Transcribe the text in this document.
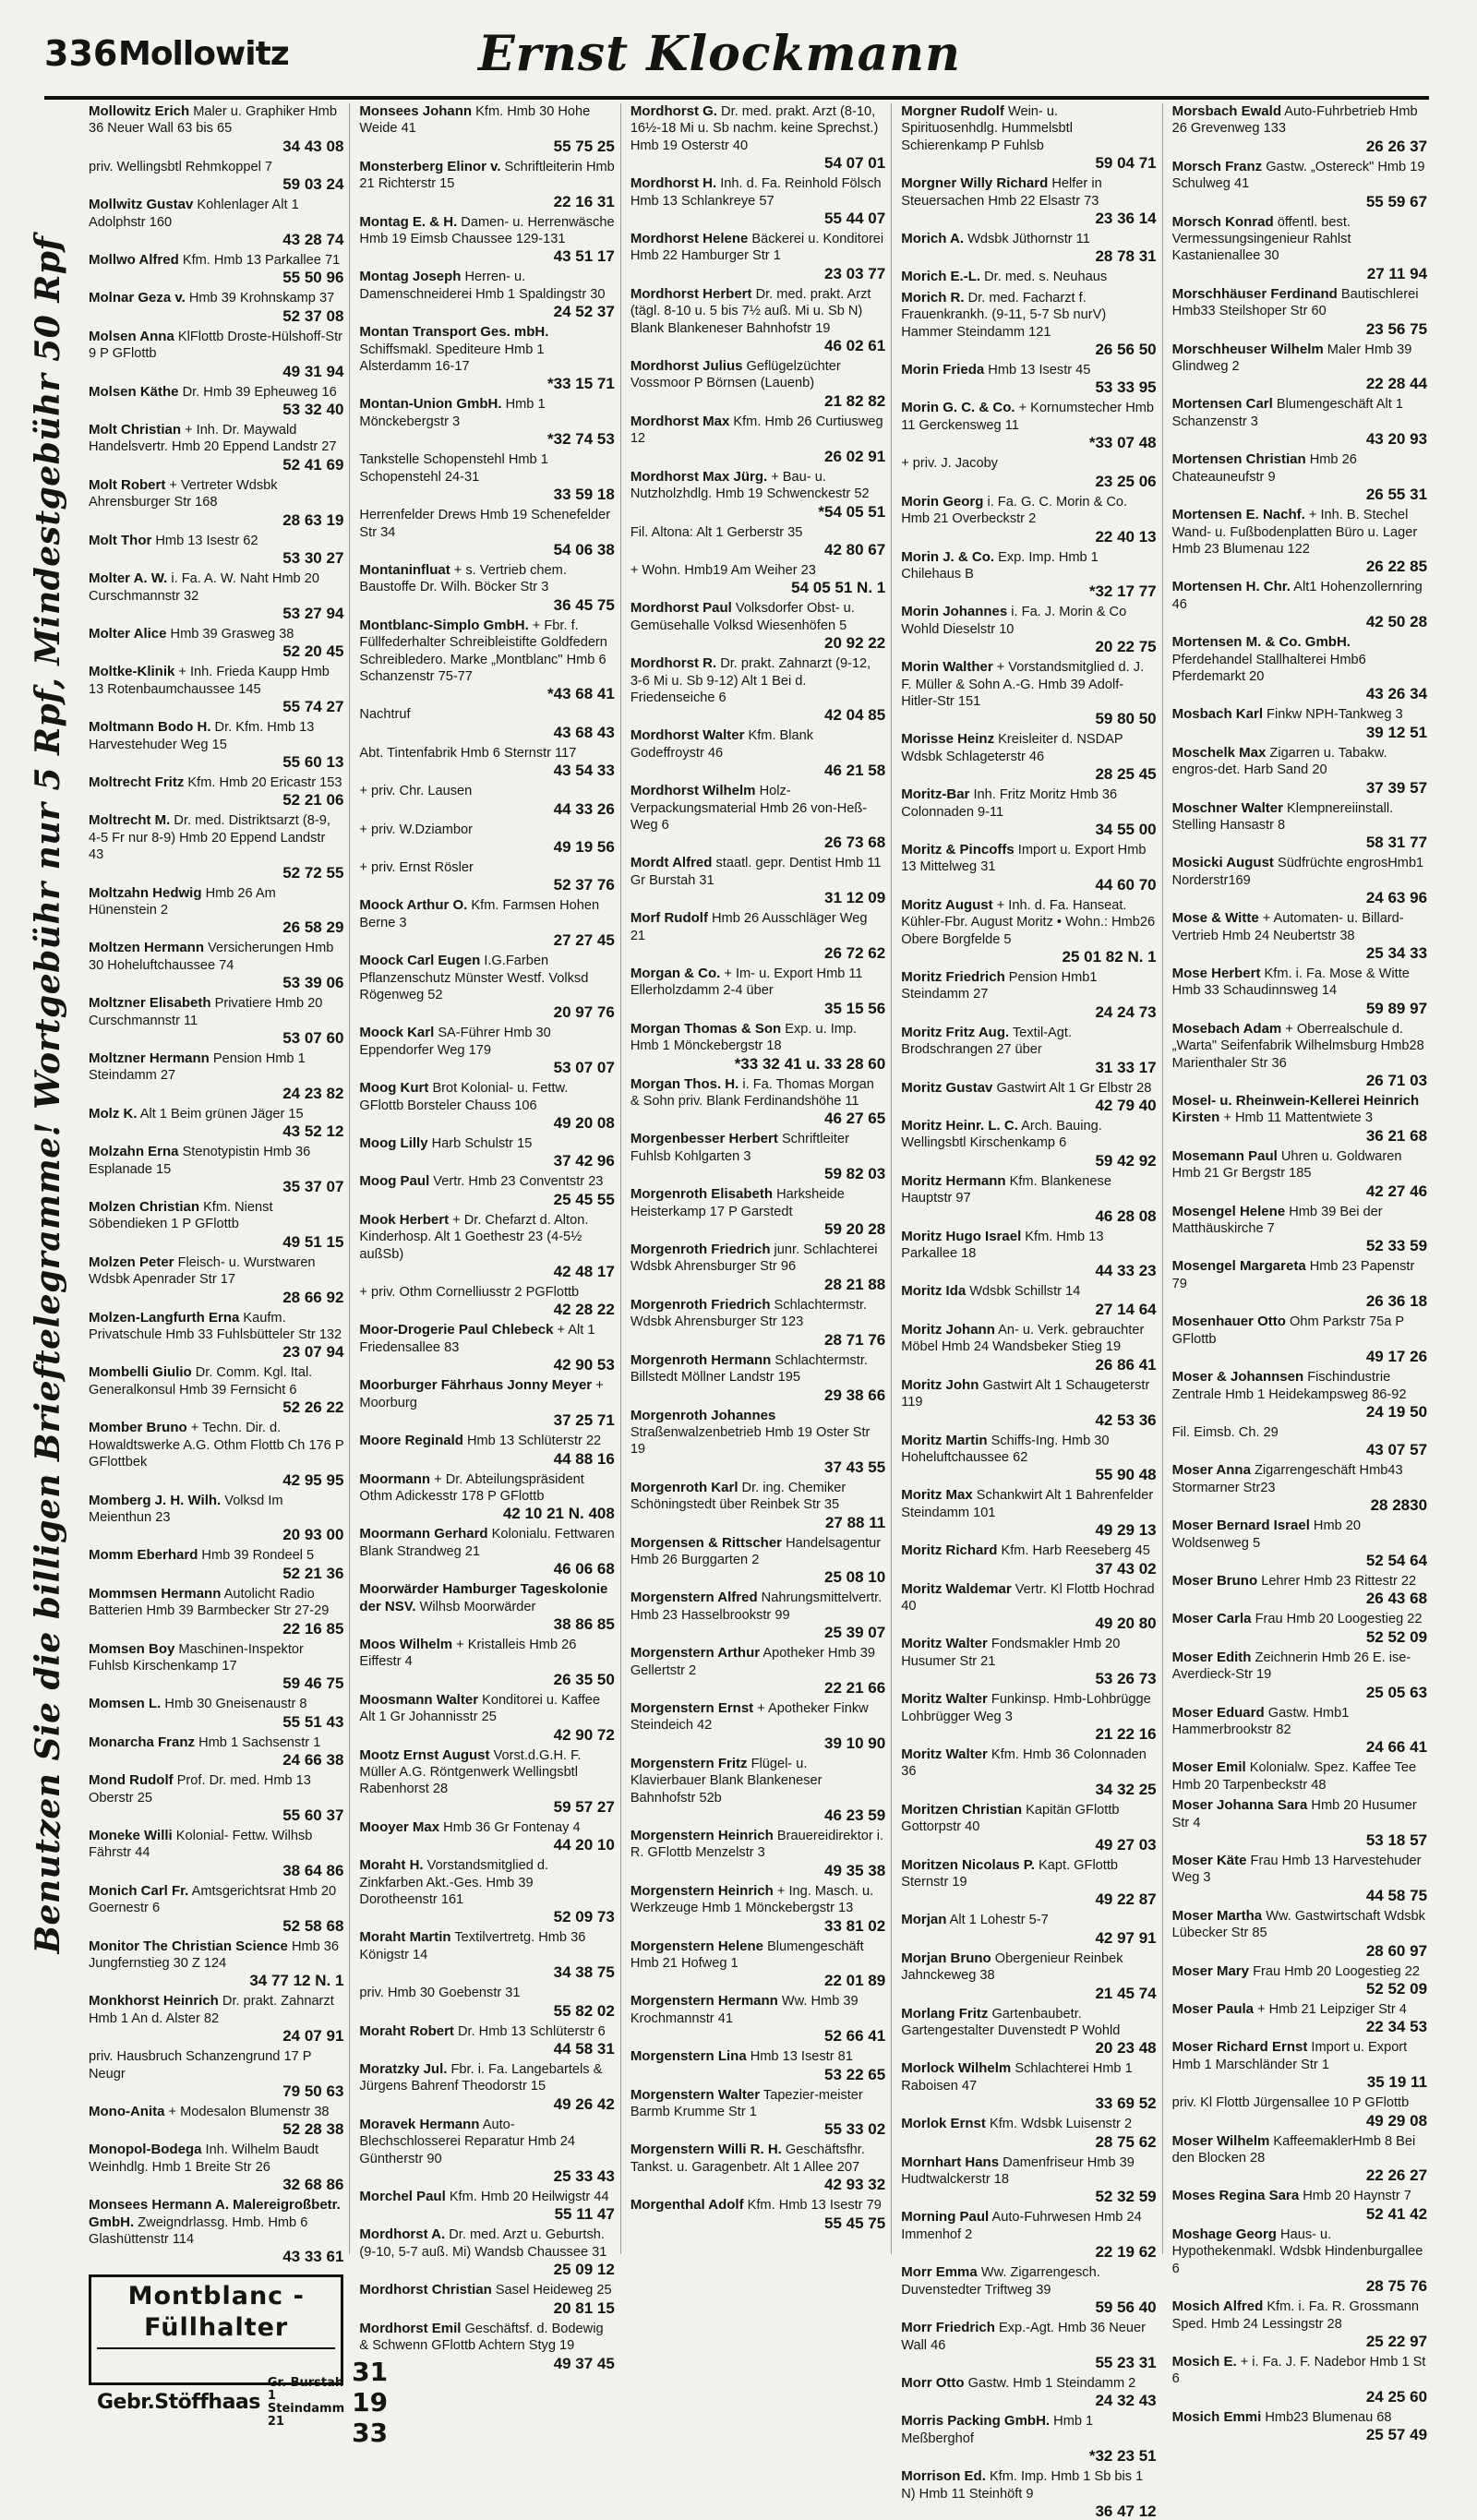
336 Mollowitz	Ernst Klockmann
Benutzen Sie die billigen Brieftelegramme! Wortgebühr nur 5 Rpf, Mindestgebühr 50 Rpf
Mollowitz Erich Maler u. Graphiker Hmb 36 Neuer Wall 63 bis 65
34 43 08
priv. Wellingsbtl Rehmkoppel 7
59 03 24
Mollwitz Gustav Kohlenlager Alt 1 Adolphstr 160
43 28 74
Mollwo Alfred Kfm. Hmb 13 Parkallee 71
55 50 96
Molnar Geza v. Hmb 39 Krohnskamp 37
52 37 08
Molsen Anna KlFlottb Droste-Hülshoff-Str 9 P GFlottb
49 31 94
Molsen Käthe Dr. Hmb 39 Epheuweg 16
53 32 40
Molt Christian + Inh. Dr. Maywald Handelsvertr. Hmb 20 Eppend Landstr 27
52 41 69
Molt Robert + Vertreter Wdsbk Ahrensburger Str 168
28 63 19
Molt Thor Hmb 13 Isestr 62
53 30 27
Molter A. W. i. Fa. A. W. Naht Hmb 20 Curschmannstr 32
53 27 94
Molter Alice Hmb 39 Grasweg 38
52 20 45
Moltke-Klinik + Inh. Frieda Kaupp Hmb 13 Rotenbaumchaussee 145
55 74 27
Moltmann Bodo H. Dr. Kfm. Hmb 13 Harvestehuder Weg 15
55 60 13
Moltrecht Fritz Kfm. Hmb 20 Ericastr 153
52 21 06
Moltrecht M. Dr. med. Distriktsarzt (8-9, 4-5 Fr nur 8-9) Hmb 20 Eppend Landstr 43
52 72 55
Moltzahn Hedwig Hmb 26 Am Hünenstein 2
26 58 29
Moltzen Hermann Versicherungen Hmb 30 Hoheluftchaussee 74
53 39 06
Moltzner Elisabeth Privatiere Hmb 20 Curschmannstr 11
53 07 60
Moltzner Hermann Pension Hmb 1 Steindamm 27
24 23 82
Molz K. Alt 1 Beim grünen Jäger 15
43 52 12
Molzahn Erna Stenotypistin Hmb 36 Esplanade 15
35 37 07
Molzen Christian Kfm. Nienst Söbendieken 1 P GFlottb
49 51 15
Molzen Peter Fleisch- u. Wurstwaren Wdsbk Apenrader Str 17
28 66 92
Molzen-Langfurth Erna Kaufm. Privatschule Hmb 33 Fuhlsbütteler Str 132
23 07 94
Mombelli Giulio Dr. Comm. Kgl. Ital. Generalkonsul Hmb 39 Fernsicht 6
52 26 22
Momber Bruno + Techn. Dir. d. Howaldtswerke A.G. Othm Flottb Ch 176 P GFlottbek
42 95 95
Momberg J. H. Wilh. Volksd Im Meienthun 23
20 93 00
Momm Eberhard Hmb 39 Rondeel 5
52 21 36
Mommsen Hermann Autolicht Radio Batterien Hmb 39 Barmbecker Str 27-29
22 16 85
Momsen Boy Maschinen-Inspektor Fuhlsb Kirschenkamp 17
59 46 75
Momsen L. Hmb 30 Gneisenaustr 8
55 51 43
Monarcha Franz Hmb 1 Sachsenstr 1
24 66 38
Mond Rudolf Prof. Dr. med. Hmb 13 Oberstr 25
55 60 37
Moneke Willi Kolonial- Fettw. Wilhsb Fährstr 44
38 64 86
Monich Carl Fr. Amtsgerichtsrat Hmb 20 Goernestr 6
52 58 68
Monitor The Christian Science Hmb 36 Jungfernstieg 30 Z 124
34 77 12 N. 1
Monkhorst Heinrich Dr. prakt. Zahnarzt Hmb 1 An d. Alster 82
24 07 91
priv. Hausbruch Schanzengrund 17 P Neugr
79 50 63
Mono-Anita + Modesalon Blumenstr 38
52 28 38
Monopol-Bodega Inh. Wilhelm Baudt Weinhdlg. Hmb 1 Breite Str 26
32 68 86
Monsees Hermann A. Malereigroßbetr. GmbH. Zweigndrlassg. Hmb. Hmb 6 Glashüttenstr 114
43 33 61
Montblanc - Füllhalter
Gebr.Stöffhaas
Gr. Burstah 1
Steindamm 21
31 19 33
Monsees Johann Kfm. Hmb 30 Hohe Weide 41
55 75 25
Monsterberg Elinor v. Schriftleiterin Hmb 21 Richterstr 15
22 16 31
Montag E. & H. Damen- u. Herrenwäsche Hmb 19 Eimsb Chaussee 129-131
43 51 17
Montag Joseph Herren- u. Damenschneiderei Hmb 1 Spaldingstr 30
24 52 37
Montan Transport Ges. mbH. Schiffsmakl. Spediteure Hmb 1 Alsterdamm 16-17
*33 15 71
Montan-Union GmbH. Hmb 1 Mönckebergstr 3
*32 74 53
Tankstelle Schopenstehl Hmb 1 Schopenstehl 24-31
33 59 18
Herrenfelder Drews Hmb 19 Schenefelder Str 34
54 06 38
Montaninfluat + s. Vertrieb chem. Baustoffe Dr. Wilh. Böcker Str 3
36 45 75
Montblanc-Simplo GmbH. + Fbr. f. Füllfederhalter Schreibleistifte Goldfedern Schreibledero. Marke „Montblanc" Hmb 6 Schanzenstr 75-77
*43 68 41
Nachtruf
43 68 43
Abt. Tintenfabrik Hmb 6 Sternstr 117
43 54 33
+ priv. Chr. Lausen
44 33 26
+ priv. W.Dziambor
49 19 56
+ priv. Ernst Rösler
52 37 76
Moock Arthur O. Kfm. Farmsen Hohen Berne 3
27 27 45
Moock Carl Eugen I.G.Farben Pflanzenschutz Münster Westf. Volksd Rögenweg 52
20 97 76
Moock Karl SA-Führer Hmb 30 Eppendorfer Weg 179
53 07 07
Moog Kurt Brot Kolonial- u. Fettw. GFlottb Borsteler Chauss 106
49 20 08
Moog Lilly Harb Schulstr 15
37 42 96
Moog Paul Vertr. Hmb 23 Conventstr 23
25 45 55
Mook Herbert + Dr. Chefarzt d. Alton. Kinderhosp. Alt 1 Goethestr 23 (4-5½ außSb)
42 48 17
+ priv. Othm Cornelliusstr 2 PGFlottb
42 28 22
Moor-Drogerie Paul Chlebeck + Alt 1 Friedensallee 83
42 90 53
Moorburger Fährhaus Jonny Meyer + Moorburg
37 25 71
Moore Reginald Hmb 13 Schlüterstr 22
44 88 16
Moormann + Dr. Abteilungspräsident Othm Adickesstr 178 P GFlottb
42 10 21 N. 408
Moormann Gerhard Kolonialu. Fettwaren Blank Strandweg 21
46 06 68
Moorwärder Hamburger Tageskolonie der NSV. Wilhsb Moorwärder
38 86 85
Moos Wilhelm + Kristalleis Hmb 26 Eiffestr 4
26 35 50
Moosmann Walter Konditorei u. Kaffee Alt 1 Gr Johannisstr 25
42 90 72
Mootz Ernst August Vorst.d.G.H. F. Müller A.G. Röntgenwerk Wellingsbtl Rabenhorst 28
59 57 27
Mooyer Max Hmb 36 Gr Fontenay 4
44 20 10
Moraht H. Vorstandsmitglied d. Zinkfarben Akt.-Ges. Hmb 39 Dorotheenstr 161
52 09 73
Moraht Martin Textilvertretg. Hmb 36 Königstr 14
34 38 75
priv. Hmb 30 Goebenstr 31
55 82 02
Moraht Robert Dr. Hmb 13 Schlüterstr 6
44 58 31
Moratzky Jul. Fbr. i. Fa. Langebartels & Jürgens Bahrenf Theodorstr 15
49 26 42
Moravek Hermann Auto-Blechschlosserei Reparatur Hmb 24 Güntherstr 90
25 33 43
Morchel Paul Kfm. Hmb 20 Heilwigstr 44
55 11 47
Mordhorst A. Dr. med. Arzt u. Geburtsh. (9-10, 5-7 auß. Mi) Wandsb Chaussee 31
25 09 12
Mordhorst Christian Sasel Heideweg 25
20 81 15
Mordhorst Emil Geschäftsf. d. Bodewig & Schwenn GFlottb Achtern Styg 19
49 37 45
Mordhorst G. Dr. med. prakt. Arzt (8-10, 16½-18 Mi u. Sb nachm. keine Sprechst.) Hmb 19 Osterstr 40
54 07 01
Mordhorst H. Inh. d. Fa. Reinhold Fölsch Hmb 13 Schlankreye 57
55 44 07
Mordhorst Helene Bäckerei u. Konditorei Hmb 22 Hamburger Str 1
23 03 77
Mordhorst Herbert Dr. med. prakt. Arzt (tägl. 8-10 u. 5 bis 7½ auß. Mi u. Sb N) Blank Blankeneser Bahnhofstr 19
46 02 61
Mordhorst Julius Geflügelzüchter Vossmoor P Börnsen (Lauenb)
21 82 82
Mordhorst Max Kfm. Hmb 26 Curtiusweg 12
26 02 91
Mordhorst Max Jürg. + Bau- u. Nutzholzhdlg. Hmb 19 Schwenckestr 52
*54 05 51
Fil. Altona: Alt 1 Gerberstr 35
42 80 67
+ Wohn. Hmb19 Am Weiher 23
54 05 51 N. 1
Mordhorst Paul Volksdorfer Obst- u. Gemüsehalle Volksd Wiesenhöfen 5
20 92 22
Mordhorst R. Dr. prakt. Zahnarzt (9-12, 3-6 Mi u. Sb 9-12) Alt 1 Bei d. Friedenseiche 6
42 04 85
Mordhorst Walter Kfm. Blank Godeffroystr 46
46 21 58
Mordhorst Wilhelm Holz-Verpackungsmaterial Hmb 26 von-Heß-Weg 6
26 73 68
Mordt Alfred staatl. gepr. Dentist Hmb 11 Gr Burstah 31
31 12 09
Morf Rudolf Hmb 26 Ausschläger Weg 21
26 72 62
Morgan & Co. + Im- u. Export Hmb 11 Ellerholzdamm 2-4 über
35 15 56
Morgan Thomas & Son Exp. u. Imp. Hmb 1 Mönckebergstr 18
*33 32 41 u. 33 28 60
Morgan Thos. H. i. Fa. Thomas Morgan & Sohn priv. Blank Ferdinandshöhe 11
46 27 65
Morgenbesser Herbert Schriftleiter Fuhlsb Kohlgarten 3
59 82 03
Morgenroth Elisabeth Harksheide Heisterkamp 17 P Garstedt
59 20 28
Morgenroth Friedrich junr. Schlachterei Wdsbk Ahrensburger Str 96
28 21 88
Morgenroth Friedrich Schlachtermstr. Wdsbk Ahrensburger Str 123
28 71 76
Morgenroth Hermann Schlachtermstr. Billstedt Möllner Landstr 195
29 38 66
Morgenroth Johannes Straßenwalzenbetrieb Hmb 19 Oster Str 19
37 43 55
Morgenroth Karl Dr. ing. Chemiker Schöningstedt über Reinbek Str 35
27 88 11
Morgensen & Rittscher Handelsagentur Hmb 26 Burggarten 2
25 08 10
Morgenstern Alfred Nahrungsmittelvertr. Hmb 23 Hasselbrookstr 99
25 39 07
Morgenstern Arthur Apotheker Hmb 39 Gellertstr 2
22 21 66
Morgenstern Ernst + Apotheker Finkw Steindeich 42
39 10 90
Morgenstern Fritz Flügel- u. Klavierbauer Blank Blankeneser Bahnhofstr 52b
46 23 59
Morgenstern Heinrich Brauereidirektor i. R. GFlottb Menzelstr 3
49 35 38
Morgenstern Heinrich + Ing. Masch. u. Werkzeuge Hmb 1 Mönckebergstr 13
33 81 02
Morgenstern Helene Blumengeschäft Hmb 21 Hofweg 1
22 01 89
Morgenstern Hermann Ww. Hmb 39 Krochmannstr 41
52 66 41
Morgenstern Lina Hmb 13 Isestr 81
53 22 65
Morgenstern Walter Tapezier-meister Barmb Krumme Str 1
55 33 02
Morgenstern Willi R. H. Geschäftsfhr. Tankst. u. Garagenbetr. Alt 1 Allee 207
42 93 32
Morgenthal Adolf Kfm. Hmb 13 Isestr 79
55 45 75
Morgner Rudolf Wein- u. Spirituosenhdlg. Hummelsbtl Schierenkamp P Fuhlsb
59 04 71
Morgner Willy Richard Helfer in Steuersachen Hmb 22 Elsastr 73
23 36 14
Morich A. Wdsbk Jüthornstr 11
28 78 31
Morich E.-L. Dr. med. s. Neuhaus
Morich R. Dr. med. Facharzt f. Frauenkrankh. (9-11, 5-7 Sb nurV) Hammer Steindamm 121
26 56 50
Morin Frieda Hmb 13 Isestr 45
53 33 95
Morin G. C. & Co. + Kornumstecher Hmb 11 Gerckensweg 11
*33 07 48
+ priv. J. Jacoby
23 25 06
Morin Georg i. Fa. G. C. Morin & Co. Hmb 21 Overbeckstr 2
22 40 13
Morin J. & Co. Exp. Imp. Hmb 1 Chilehaus B
*32 17 77
Morin Johannes i. Fa. J. Morin & Co Wohld Dieselstr 10
20 22 75
Morin Walther + Vorstandsmitglied d. J. F. Müller & Sohn A.-G. Hmb 39 Adolf-Hitler-Str 151
59 80 50
Morisse Heinz Kreisleiter d. NSDAP Wdsbk Schlageterstr 46
28 25 45
Moritz-Bar Inh. Fritz Moritz Hmb 36 Colonnaden 9-11
34 55 00
Moritz & Pincoffs Import u. Export Hmb 13 Mittelweg 31
44 60 70
Moritz August + Inh. d. Fa. Hanseat. Kühler-Fbr. August Moritz • Wohn.: Hmb26 Obere Borgfelde 5
25 01 82 N. 1
Moritz Friedrich Pension Hmb1 Steindamm 27
24 24 73
Moritz Fritz Aug. Textil-Agt. Brodschrangen 27 über
31 33 17
Moritz Gustav Gastwirt Alt 1 Gr Elbstr 28
42 79 40
Moritz Heinr. L. C. Arch. Bauing. Wellingsbtl Kirschenkamp 6
59 42 92
Moritz Hermann Kfm. Blankenese Hauptstr 97
46 28 08
Moritz Hugo Israel Kfm. Hmb 13 Parkallee 18
44 33 23
Moritz Ida Wdsbk Schillstr 14
27 14 64
Moritz Johann An- u. Verk. gebrauchter Möbel Hmb 24 Wandsbeker Stieg 19
26 86 41
Moritz John Gastwirt Alt 1 Schaugeterstr 119
42 53 36
Moritz Martin Schiffs-Ing. Hmb 30 Hoheluftchaussee 62
55 90 48
Moritz Max Schankwirt Alt 1 Bahrenfelder Steindamm 101
49 29 13
Moritz Richard Kfm. Harb Reeseberg 45
37 43 02
Moritz Waldemar Vertr. Kl Flottb Hochrad 40
49 20 80
Moritz Walter Fondsmakler Hmb 20 Husumer Str 21
53 26 73
Moritz Walter Funkinsp. Hmb-Lohbrügge Lohbrügger Weg 3
21 22 16
Moritz Walter Kfm. Hmb 36 Colonnaden 36
34 32 25
Moritzen Christian Kapitän GFlottb Gottorpstr 40
49 27 03
Moritzen Nicolaus P. Kapt. GFlottb Sternstr 19
49 22 87
Morjan Alt 1 Lohestr 5-7
42 97 91
Morjan Bruno Obergenieur Reinbek Jahnckeweg 38
21 45 74
Morlang Fritz Gartenbaubetr. Gartengestalter Duvenstedt P Wohld
20 23 48
Morlock Wilhelm Schlachterei Hmb 1 Raboisen 47
33 69 52
Morlok Ernst Kfm. Wdsbk Luisenstr 2
28 75 62
Mornhart Hans Damenfriseur Hmb 39 Hudtwalckerstr 18
52 32 59
Morning Paul Auto-Fuhrwesen Hmb 24 Immenhof 2
22 19 62
Morr Emma Ww. Zigarrengesch. Duvenstedter Triftweg 39
59 56 40
Morr Friedrich Exp.-Agt. Hmb 36 Neuer Wall 46
55 23 31
Morr Otto Gastw. Hmb 1 Steindamm 2
24 32 43
Morris Packing GmbH. Hmb 1 Meßberghof
*32 23 51
Morrison Ed. Kfm. Imp. Hmb 1 Sb bis 1 N) Hmb 11 Steinhöft 9
36 47 12
Morsbach Ewald Auto-Fuhrbetrieb Hmb 26 Grevenweg 133
26 26 37
Morsch Franz Gastw. „Ostereck" Hmb 19 Schulweg 41
55 59 67
Morsch Konrad öffentl. best. Vermessungsingenieur Rahlst Kastanienallee 30
27 11 94
Morschhäuser Ferdinand Bautischlerei Hmb33 Steilshoper Str 60
23 56 75
Morschheuser Wilhelm Maler Hmb 39 Glindweg 2
22 28 44
Mortensen Carl Blumengeschäft Alt 1 Schanzenstr 3
43 20 93
Mortensen Christian Hmb 26 Chateauneufstr 9
26 55 31
Mortensen E. Nachf. + Inh. B. Stechel Wand- u. Fußbodenplatten Büro u. Lager Hmb 23 Blumenau 122
26 22 85
Mortensen H. Chr. Alt1 Hohenzollernring 46
42 50 28
Mortensen M. & Co. GmbH. Pferdehandel Stallhalterei Hmb6 Pferdemarkt 20
43 26 34
Mosbach Karl Finkw NPH-Tankweg 3
39 12 51
Moschelk Max Zigarren u. Tabakw. engros-det. Harb Sand 20
37 39 57
Moschner Walter Klempnereiinstall. Stelling Hansastr 8
58 31 77
Mosicki August Südfrüchte engrosHmb1 Norderstr169
24 63 96
Mose & Witte + Automaten- u. Billard-Vertrieb Hmb 24 Neubertstr 38
25 34 33
Mose Herbert Kfm. i. Fa. Mose & Witte Hmb 33 Schaudinnsweg 14
59 89 97
Mosebach Adam + Oberrealschule d. „Warta" Seifenfabrik Wilhelmsburg Hmb28 Marienthaler Str 36
26 71 03
Mosel- u. Rheinwein-Kellerei Heinrich Kirsten + Hmb 11 Mattentwiete 3
36 21 68
Mosemann Paul Uhren u. Goldwaren Hmb 21 Gr Bergstr 185
42 27 46
Mosengel Helene Hmb 39 Bei der Matthäuskirche 7
52 33 59
Mosengel Margareta Hmb 23 Papenstr 79
26 36 18
Mosenhauer Otto Ohm Parkstr 75a P GFlottb
49 17 26
Moser & Johannsen Fischindustrie Zentrale Hmb 1 Heidekampsweg 86-92
24 19 50
Fil. Eimsb. Ch. 29
43 07 57
Moser Anna Zigarrengeschäft Hmb43 Stormarner Str23
28 2830
Moser Bernard Israel Hmb 20 Woldsenweg 5
52 54 64
Moser Bruno Lehrer Hmb 23 Rittestr 22
26 43 68
Moser Carla Frau Hmb 20 Loogestieg 22
52 52 09
Moser Edith Zeichnerin Hmb 26 E. ise-Averdieck-Str 19
25 05 63
Moser Eduard Gastw. Hmb1 Hammerbrookstr 82
24 66 41
Moser Emil Kolonialw. Spez. Kaffee Tee Hmb 20 Tarpenbeckstr 48
Moser Johanna Sara Hmb 20 Husumer Str 4
53 18 57
Moser Käte Frau Hmb 13 Harvestehuder Weg 3
44 58 75
Moser Martha Ww. Gastwirtschaft Wdsbk Lübecker Str 85
28 60 97
Moser Mary Frau Hmb 20 Loogestieg 22
52 52 09
Moser Paula + Hmb 21 Leipziger Str 4
22 34 53
Moser Richard Ernst Import u. Export Hmb 1 Marschländer Str 1
35 19 11
priv. Kl Flottb Jürgensallee 10 P GFlottb
49 29 08
Moser Wilhelm KaffeemaklerHmb 8 Bei den Blocken 28
22 26 27
Moses Regina Sara Hmb 20 Haynstr 7
52 41 42
Moshage Georg Haus- u. Hypothekenmakl. Wdsbk Hindenburgallee 6
28 75 76
Mosich Alfred Kfm. i. Fa. R. Grossmann Sped. Hmb 24 Lessingstr 28
25 22 97
Mosich E. + i. Fa. J. F. Nadebor Hmb 1 St 6
24 25 60
Mosich Emmi Hmb23 Blumenau 68
25 57 49
